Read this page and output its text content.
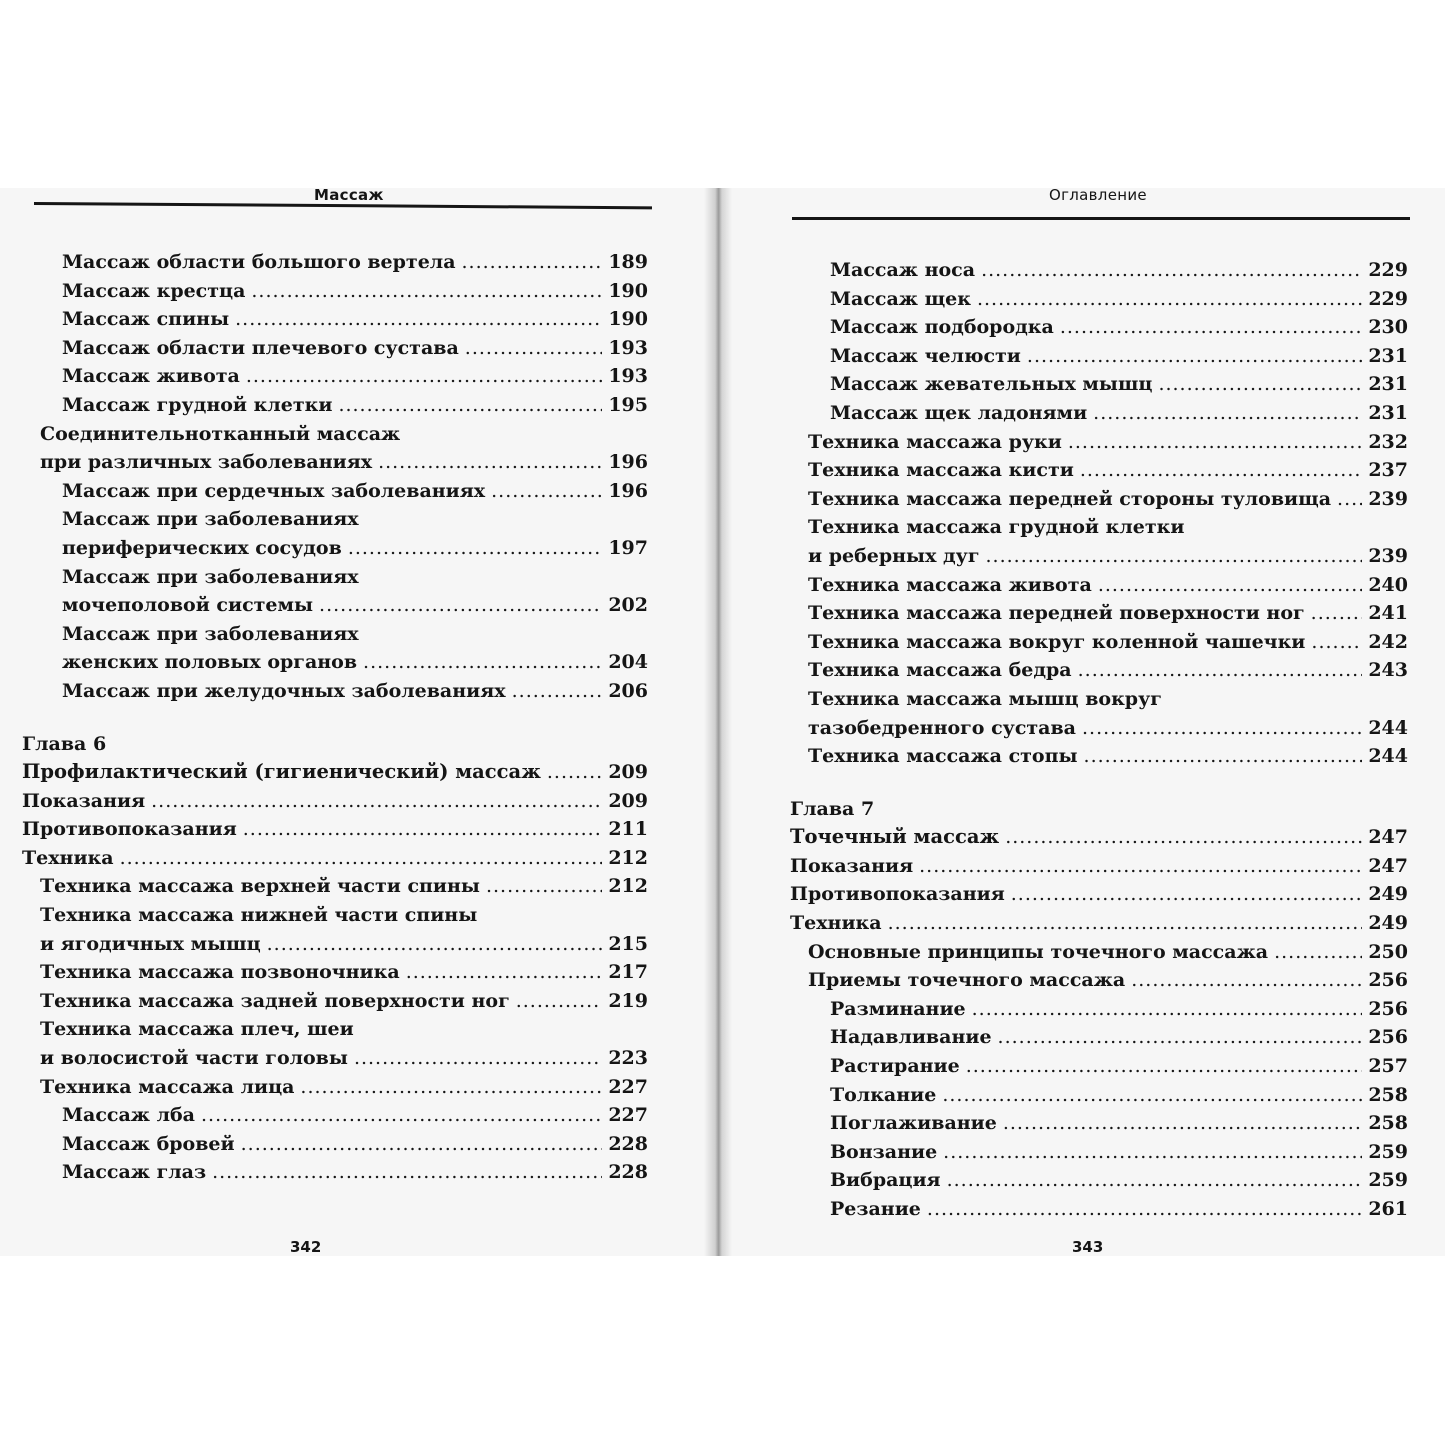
Массаж	Оглавление
Массаж области большого вертела .....	189
Массаж крестца .....	190
Массаж спины .....	190
Массаж области плечевого сустава .....	193
Массаж живота .....	193
Массаж грудной клетки .....	195
Соединительнотканный массаж
при различных заболеваниях .....	196
Массаж при сердечных заболеваниях .....	196
Массаж при заболеваниях
периферических сосудов .....	197
Массаж при заболеваниях
мочеполовой системы .....	202
Массаж при заболеваниях
женских половых органов .....	204
Массаж при желудочных заболеваниях .....	206
Глава 6
Профилактический (гигиенический) массаж .....	209
Показания .....	209
Противопоказания .....	211
Техника .....	212
Техника массажа верхней части спины .....	212
Техника массажа нижней части спины
и ягодичных мышц .....	215
Техника массажа позвоночника .....	217
Техника массажа задней поверхности ног .....	219
Техника массажа плеч, шеи
и волосистой части головы .....	223
Техника массажа лица .....	227
Массаж лба .....	227
Массаж бровей .....	228
Массаж глаз .....	228
Массаж носа .....	229
Массаж щек .....	229
Массаж подбородка .....	230
Массаж челюсти .....	231
Массаж жевательных мышц .....	231
Массаж щек ладонями .....	231
Техника массажа руки .....	232
Техника массажа кисти .....	237
Техника массажа передней стороны туловища ..... 239
Техника массажа грудной клетки
и реберных дуг .....	239
Техника массажа живота .....	240
Техника массажа передней поверхности ног .....	241
Техника массажа вокруг коленной чашечки .....	242
Техника массажа бедра .....	243
Техника массажа мышц вокруг
тазобедренного сустава .....	244
Техника массажа стопы .....	244
Глава 7
Точечный массаж .....	247
Показания .....	247
Противопоказания .....	249
Техника .....	249
Основные принципы точечного массажа .....	250
Приемы точечного массажа .....	256
Разминание .....	256
Надавливание .....	256
Растирание .....	257
Толкание .....	258
Поглаживание .....	258
Вонзание .....	259
Вибрация .....	259
Резание .....	261
342	343
